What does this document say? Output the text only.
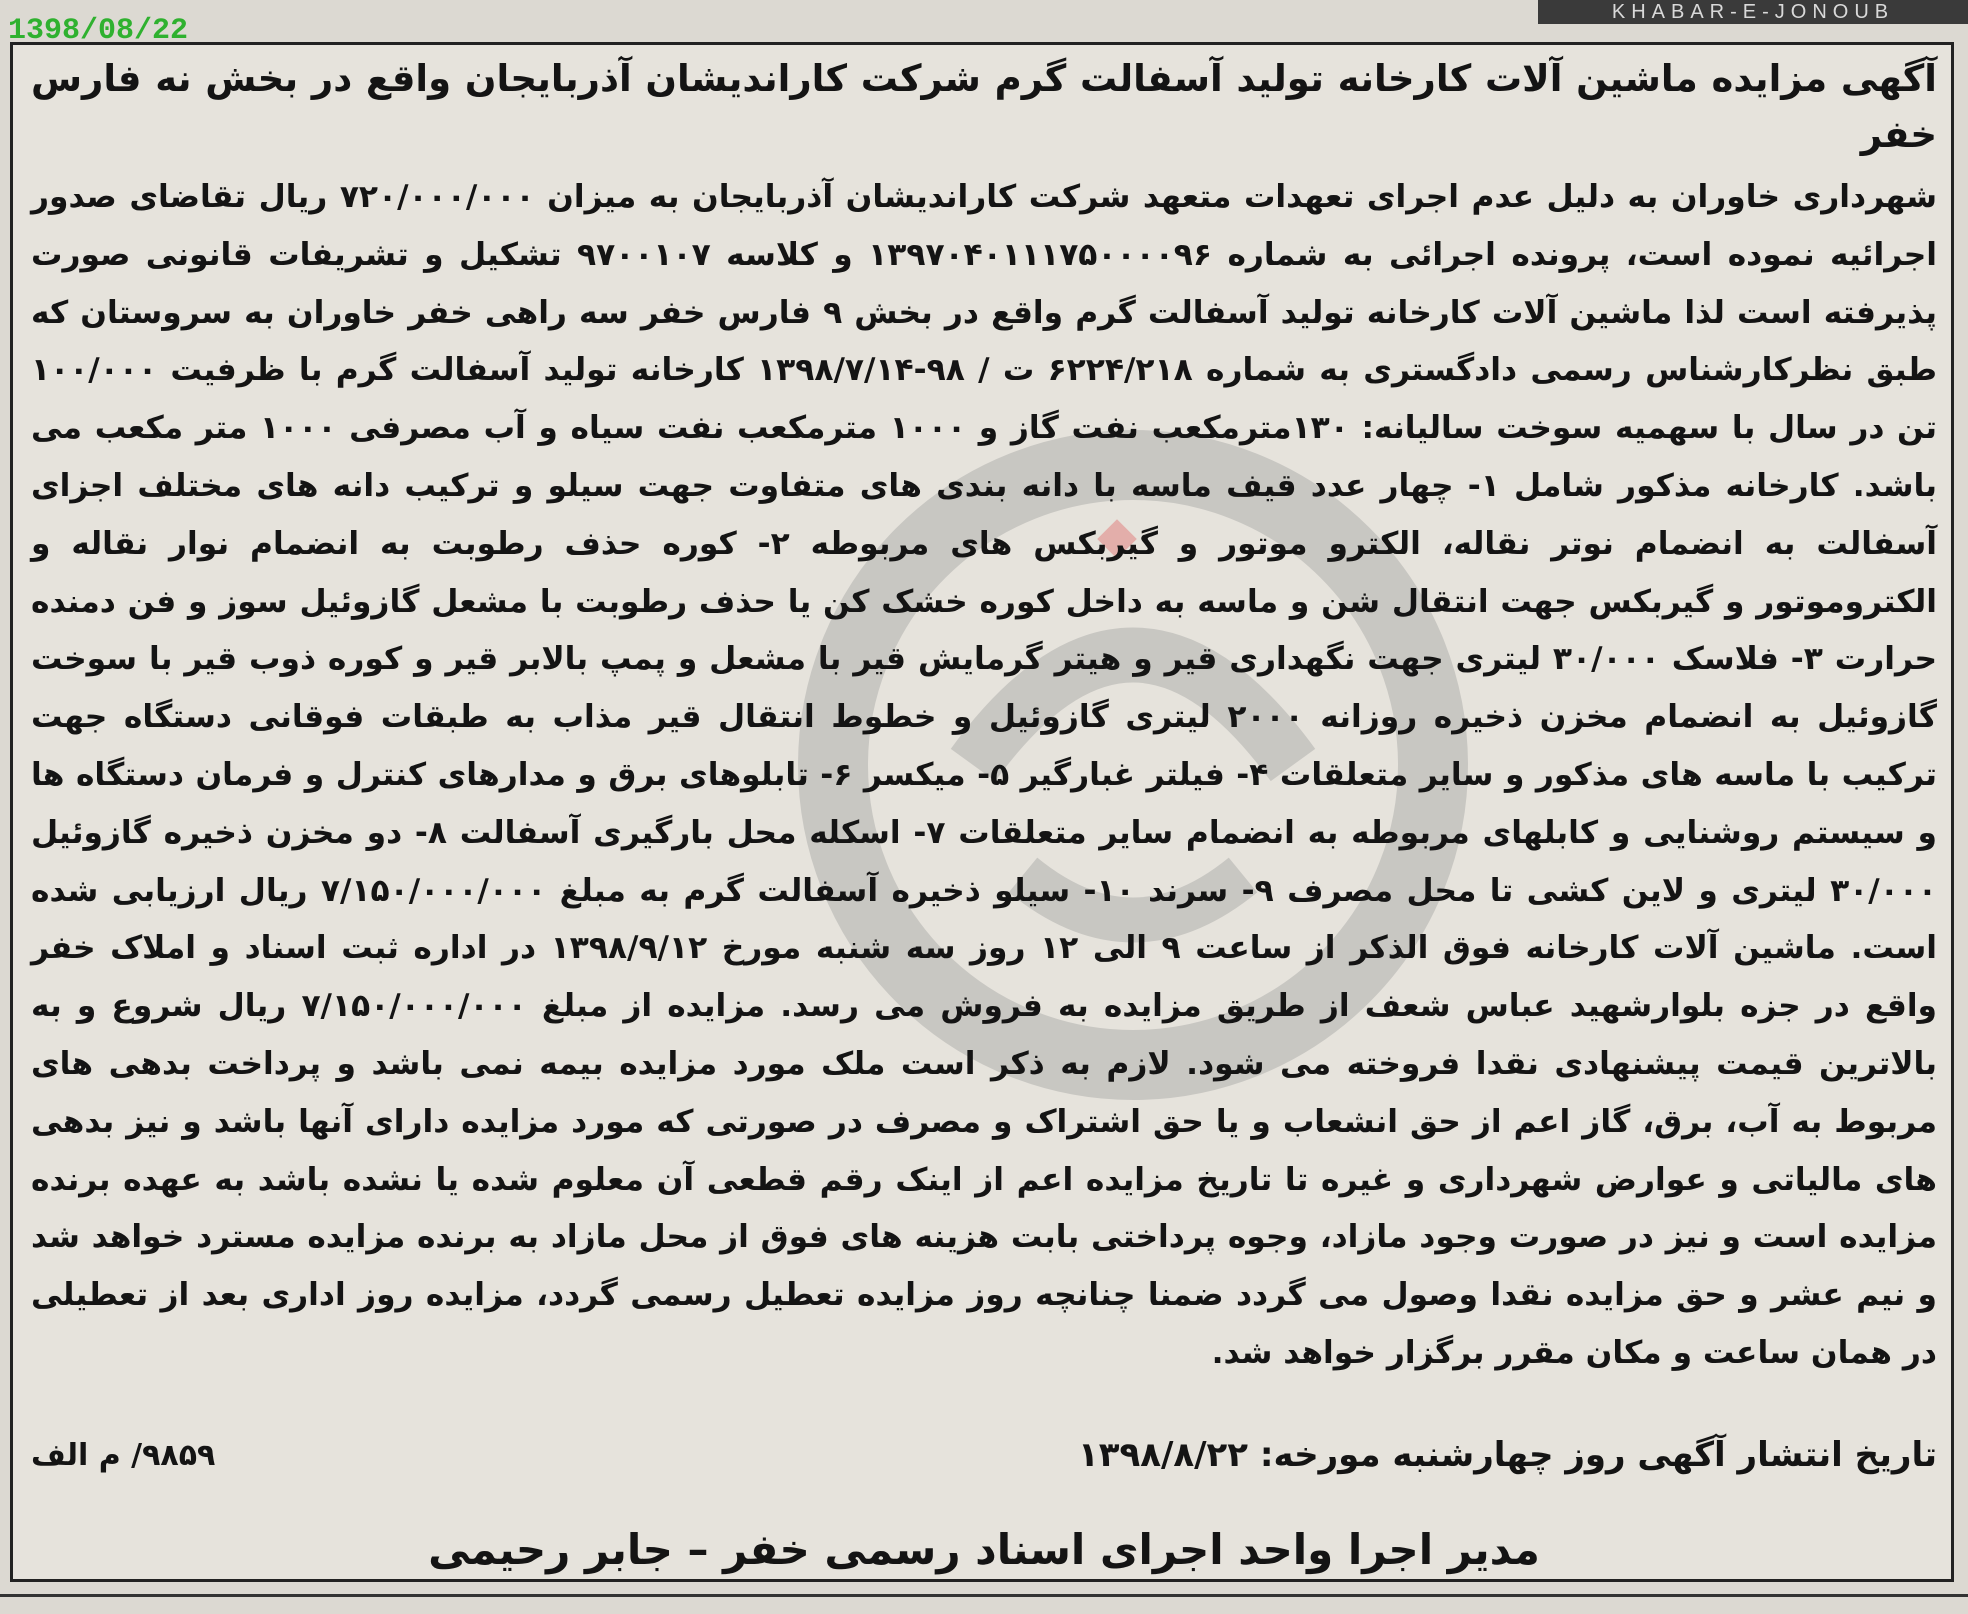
1398/08/22
KHABAR-E-JONOUB

آگهی مزایده ماشین آلات کارخانه تولید آسفالت گرم شرکت کاراندیشان آذربایجان واقع در بخش نه فارس خفر

شهرداری خاوران به دلیل عدم اجرای تعهدات متعهد شرکت کاراندیشان آذربایجان به میزان ۷۲۰/۰۰۰/۰۰۰ ریال تقاضای صدور اجرائیه نموده است، پرونده اجرائی به شماره ۱۳۹۷۰۴۰۱۱۱۷۵۰۰۰۰۹۶ و کلاسه ۹۷۰۰۱۰۷ تشکیل و تشریفات قانونی صورت پذیرفته است لذا ماشین آلات کارخانه تولید آسفالت گرم واقع در بخش ۹ فارس خفر سه راهی خفر خاوران به سروستان که طبق نظرکارشناس رسمی دادگستری به شماره ۶۲۲۴/۲۱۸ ت / ۹۸-۱۳۹۸/۷/۱۴ کارخانه تولید آسفالت گرم با ظرفیت ۱۰۰/۰۰۰ تن در سال با سهمیه سوخت سالیانه: ۱۳۰مترمکعب نفت گاز و ۱۰۰۰ مترمکعب نفت سیاه و آب مصرفی ۱۰۰۰ متر مکعب می باشد. کارخانه مذکور شامل ۱- چهار عدد قیف ماسه با دانه بندی های متفاوت جهت سیلو و ترکیب دانه های مختلف اجزای آسفالت به انضمام نوتر نقاله، الکترو موتور و گیربکس های مربوطه ۲- کوره حذف رطوبت به انضمام نوار نقاله و الکتروموتور و گیربکس جهت انتقال شن و ماسه به داخل کوره خشک کن یا حذف رطوبت با مشعل گازوئیل سوز و فن دمنده حرارت ۳- فلاسک ۳۰/۰۰۰ لیتری جهت نگهداری قیر و هیتر گرمایش قیر با مشعل و پمپ بالابر قیر و کوره ذوب قیر با سوخت گازوئیل به انضمام مخزن ذخیره روزانه ۲۰۰۰ لیتری گازوئیل و خطوط انتقال قیر مذاب به طبقات فوقانی دستگاه جهت ترکیب با ماسه های مذکور و سایر متعلقات ۴- فیلتر غبارگیر ۵- میکسر ۶- تابلوهای برق و مدارهای کنترل و فرمان دستگاه ها و سیستم روشنایی و کابلهای مربوطه به انضمام سایر متعلقات ۷- اسکله محل بارگیری آسفالت ۸- دو مخزن ذخیره گازوئیل ۳۰/۰۰۰ لیتری و لاین کشی تا محل مصرف ۹- سرند ۱۰- سیلو ذخیره آسفالت گرم به مبلغ ۷/۱۵۰/۰۰۰/۰۰۰ ریال ارزیابی شده است. ماشین آلات کارخانه فوق الذکر از ساعت ۹ الی ۱۲ روز سه شنبه مورخ ۱۳۹۸/۹/۱۲ در اداره ثبت اسناد و املاک خفر واقع در جزه بلوارشهید عباس شعف از طریق مزایده به فروش می رسد. مزایده از مبلغ ۷/۱۵۰/۰۰۰/۰۰۰ ریال شروع و به بالاترین قیمت پیشنهادی نقدا فروخته می شود. لازم به ذکر است ملک مورد مزایده بیمه نمی باشد و پرداخت بدهی های مربوط به آب، برق، گاز اعم از حق انشعاب و یا حق اشتراک و مصرف در صورتی که مورد مزایده دارای آنها باشد و نیز بدهی های مالیاتی و عوارض شهرداری و غیره تا تاریخ مزایده اعم از اینک رقم قطعی آن معلوم شده یا نشده باشد به عهده برنده مزایده است و نیز در صورت وجود مازاد، وجوه پرداختی بابت هزینه های فوق از محل مازاد به برنده مزایده مسترد خواهد شد و نیم عشر و حق مزایده نقدا وصول می گردد ضمنا چنانچه روز مزایده تعطیل رسمی گردد، مزایده روز اداری بعد از تعطیلی در همان ساعت و مکان مقرر برگزار خواهد شد.

تاریخ انتشار آگهی روز چهارشنبه مورخه: ۱۳۹۸/۸/۲۲
۹۸۵۹/ م الف
مدیر اجرا واحد اجرای اسناد رسمی خفر – جابر رحیمی
